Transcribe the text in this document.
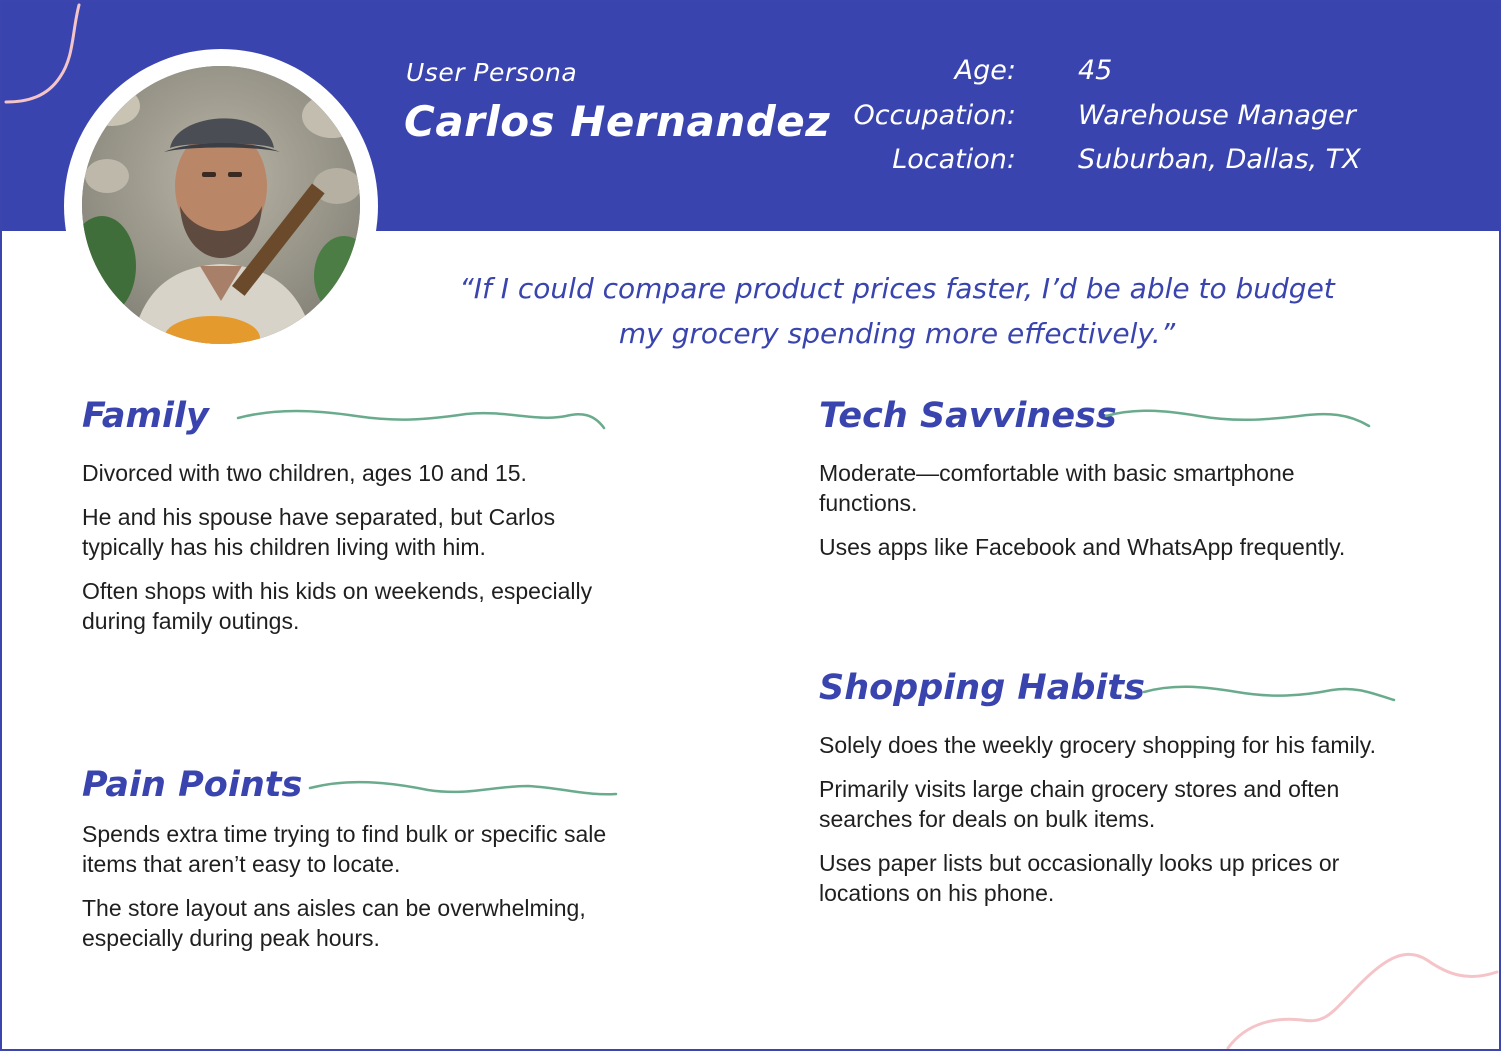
User Persona
Carlos Hernandez
Age: 45
Occupation: Warehouse Manager
Location: Suburban, Dallas, TX

“If I could compare product prices faster, I’d be able to budget my grocery spending more effectively.”

Family

Divorced with two children, ages 10 and 15.

He and his spouse have separated, but Carlos typically has his children living with him.

Often shops with his kids on weekends, especially during family outings.

Tech Savviness

Moderate—comfortable with basic smartphone functions.

Uses apps like Facebook and WhatsApp frequently.

Pain Points

Spends extra time trying to find bulk or specific sale items that aren’t easy to locate.

The store layout ans aisles can be overwhelming, especially during peak hours.

Shopping Habits

Solely does the weekly grocery shopping for his family.

Primarily visits large chain grocery stores and often searches for deals on bulk items.

Uses paper lists but occasionally looks up prices or locations on his phone.
